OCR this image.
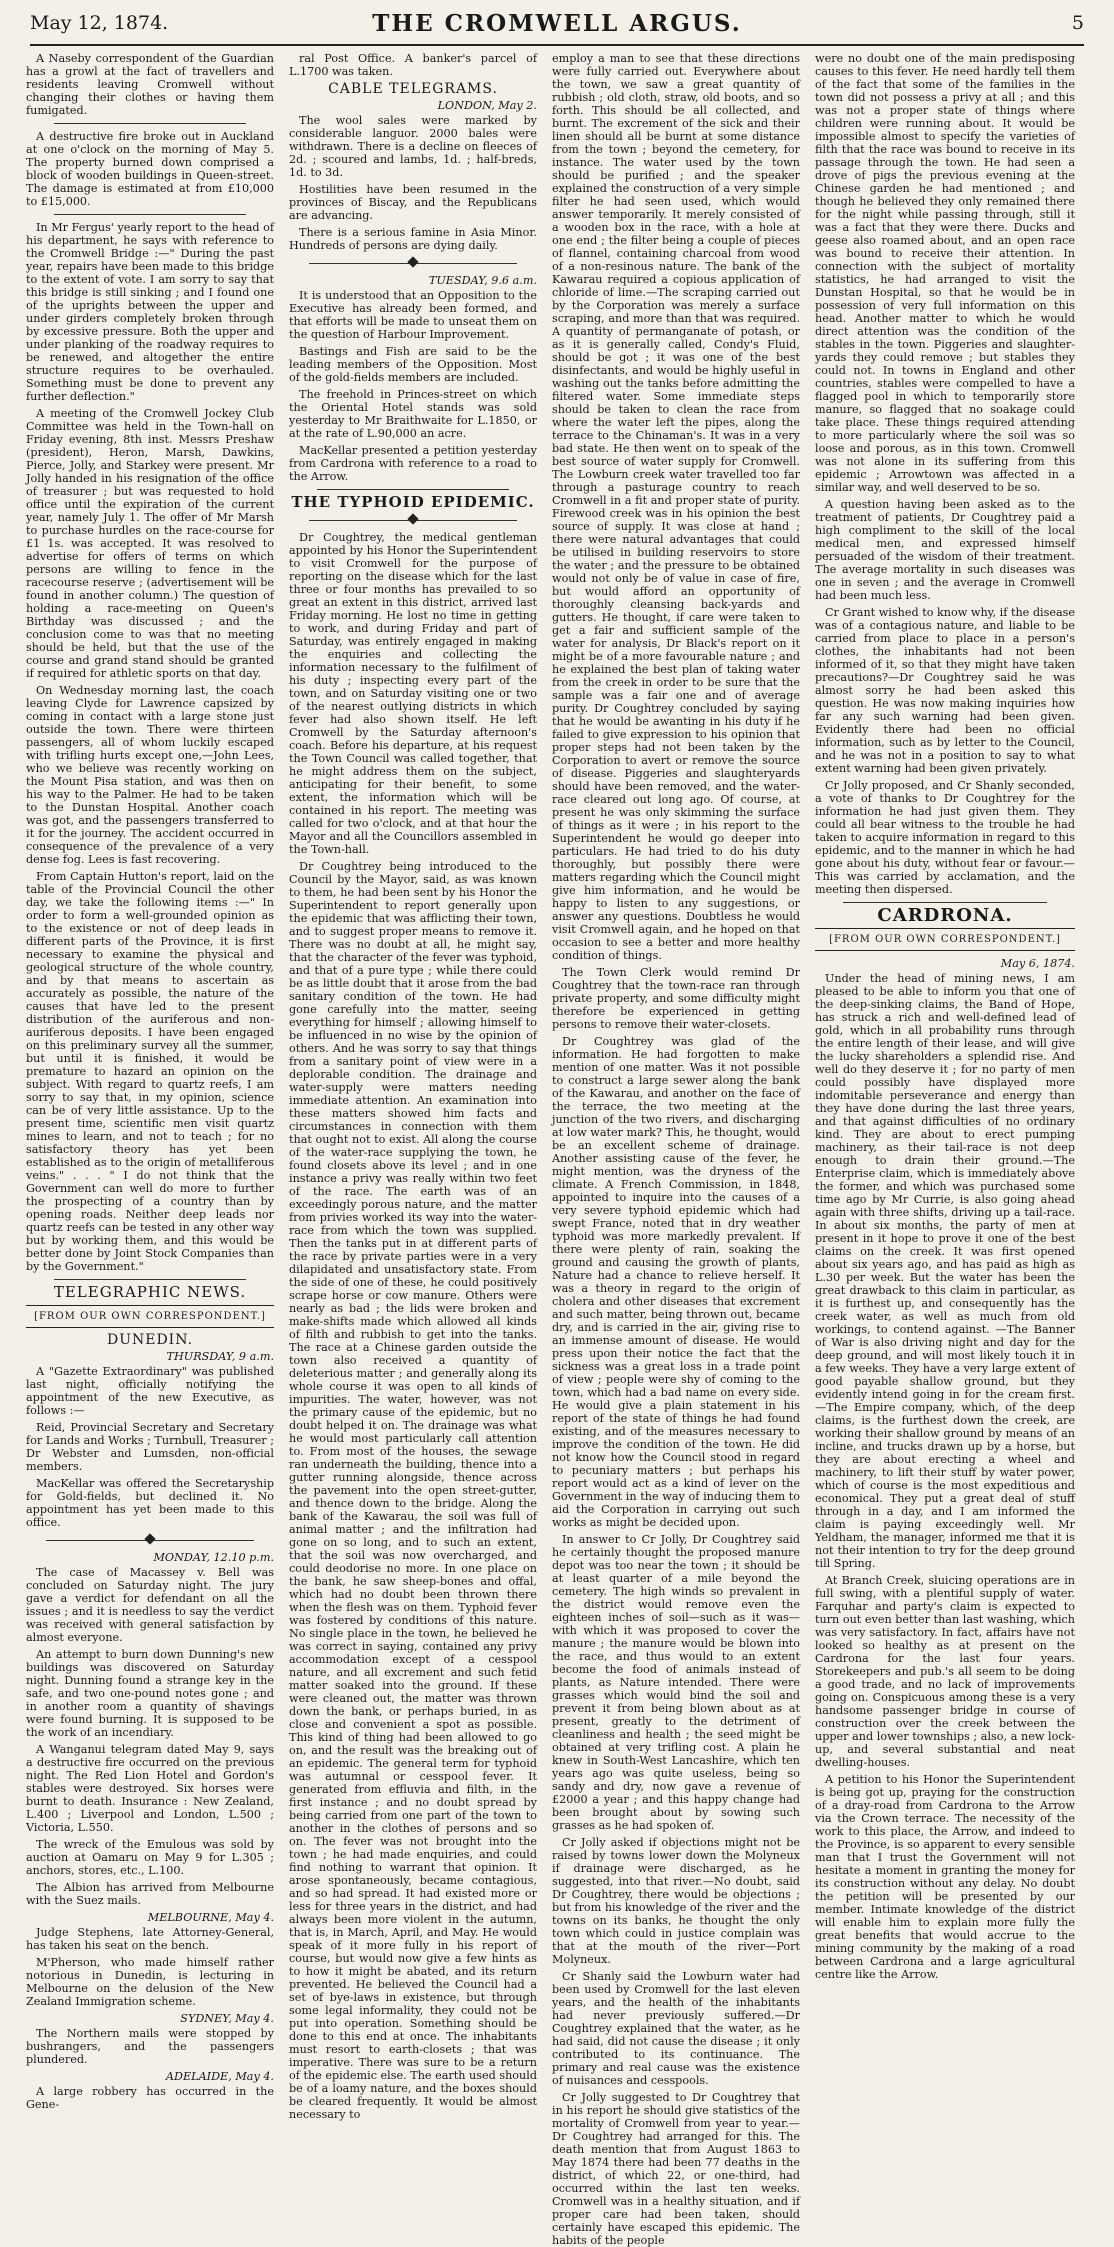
May 12, 1874.	THE CROMWELL ARGUS.	5

A Naseby correspondent of the Guardian has a growl at the fact of travellers and residents leaving Cromwell without changing their clothes or having them fumigated.

A destructive fire broke out in Auckland at one o'clock on the morning of May 5. The property burned down comprised a block of wooden buildings in Queen-street. The damage is estimated at from £10,000 to £15,000.

In Mr Fergus' yearly report to the head of his department, he says with reference to the Cromwell Bridge :—" During the past year, repairs have been made to this bridge to the extent of vote. I am sorry to say that this bridge is still sinking ; and I found one of the uprights between the upper and under girders completely broken through by excessive pressure. Both the upper and under planking of the roadway requires to be renewed, and altogether the entire structure requires to be overhauled. Something must be done to prevent any further deflection."

A meeting of the Cromwell Jockey Club Committee was held in the Town-hall on Friday evening, 8th inst. Messrs Preshaw (president), Heron, Marsh, Dawkins, Pierce, Jolly, and Starkey were present. Mr Jolly handed in his resignation of the office of treasurer ; but was requested to hold office until the expiration of the current year, namely July 1. The offer of Mr Marsh to purchase hurdles on the race-course for £1 1s. was accepted. It was resolved to advertise for offers of terms on which persons are willing to fence in the racecourse reserve ; (advertisement will be found in another column.) The question of holding a race-meeting on Queen's Birthday was discussed ; and the conclusion come to was that no meeting should be held, but that the use of the course and grand stand should be granted if required for athletic sports on that day.

On Wednesday morning last, the coach leaving Clyde for Lawrence capsized by coming in contact with a large stone just outside the town. There were thirteen passengers, all of whom luckily escaped with trifling hurts except one,—John Lees, who we believe was recently working on the Mount Pisa station, and was then on his way to the Palmer. He had to be taken to the Dunstan Hospital. Another coach was got, and the passengers transferred to it for the journey. The accident occurred in consequence of the prevalence of a very dense fog. Lees is fast recovering.

From Captain Hutton's report, laid on the table of the Provincial Council the other day, we take the following items :—" In order to form a well-grounded opinion as to the existence or not of deep leads in different parts of the Province, it is first necessary to examine the physical and geological structure of the whole country, and by that means to ascertain as accurately as possible, the nature of the causes that have led to the present distribution of the auriferous and non-auriferous deposits. I have been engaged on this preliminary survey all the summer, but until it is finished, it would be premature to hazard an opinion on the subject. With regard to quartz reefs, I am sorry to say that, in my opinion, science can be of very little assistance. Up to the present time, scientific men visit quartz mines to learn, and not to teach ; for no satisfactory theory has yet been established as to the origin of metalliferous veins." . . . " I do not think that the Government can well do more to further the prospecting of a country than by opening roads. Neither deep leads nor quartz reefs can be tested in any other way but by working them, and this would be better done by Joint Stock Companies than by the Government."

TELEGRAPHIC NEWS.
[FROM OUR OWN CORRESPONDENT.]
DUNEDIN.
THURSDAY, 9 a.m.

A "Gazette Extraordinary" was published last night, officially notifying the appointment of the new Executive, as follows :—

Reid, Provincial Secretary and Secretary for Lands and Works ; Turnbull, Treasurer ; Dr Webster and Lumsden, non-official members.

MacKellar was offered the Secretaryship for Gold-fields, but declined it. No appointment has yet been made to this office.

MONDAY, 12.10 p.m.

The case of Macassey v. Bell was concluded on Saturday night. The jury gave a verdict for defendant on all the issues ; and it is needless to say the verdict was received with general satisfaction by almost everyone.

An attempt to burn down Dunning's new buildings was discovered on Saturday night. Dunning found a strange key in the safe, and two one-pound notes gone ; and in another room a quantity of shavings were found burning. It is supposed to be the work of an incendiary.

A Wanganui telegram dated May 9, says a destructive fire occurred on the previous night. The Red Lion Hotel and Gordon's stables were destroyed. Six horses were burnt to death. Insurance : New Zealand, L.400 ; Liverpool and London, L.500 ; Victoria, L.550.

The wreck of the Emulous was sold by auction at Oamaru on May 9 for L.305 ; anchors, stores, etc., L.100.

The Albion has arrived from Melbourne with the Suez mails.

MELBOURNE, May 4.

Judge Stephens, late Attorney-General, has taken his seat on the bench.

M'Pherson, who made himself rather notorious in Dunedin, is lecturing in Melbourne on the delusion of the New Zealand Immigration scheme.

SYDNEY, May 4.

The Northern mails were stopped by bushrangers, and the passengers plundered.

ADELAIDE, May 4.

A large robbery has occurred in the Gene-

ral Post Office. A banker's parcel of L.1700 was taken.

CABLE TELEGRAMS.
LONDON, May 2.

The wool sales were marked by considerable languor. 2000 bales were withdrawn. There is a decline on fleeces of 2d. ; scoured and lambs, 1d. ; half-breds, 1d. to 3d.

Hostilities have been resumed in the provinces of Biscay, and the Republicans are advancing.

There is a serious famine in Asia Minor. Hundreds of persons are dying daily.

TUESDAY, 9.6 a.m.

It is understood that an Opposition to the Executive has already been formed, and that efforts will be made to unseat them on the question of Harbour Improvement.

Bastings and Fish are said to be the leading members of the Opposition. Most of the gold-fields members are included.

The freehold in Princes-street on which the Oriental Hotel stands was sold yesterday to Mr Braithwaite for L.1850, or at the rate of L.90,000 an acre.

MacKellar presented a petition yesterday from Cardrona with reference to a road to the Arrow.

THE TYPHOID EPIDEMIC.

Dr Coughtrey, the medical gentleman appointed by his Honor the Superintendent to visit Cromwell for the purpose of reporting on the disease which for the last three or four months has prevailed to so great an extent in this district, arrived last Friday morning. He lost no time in getting to work, and during Friday and part of Saturday, was entirely engaged in making the enquiries and collecting the information necessary to the fulfilment of his duty ; inspecting every part of the town, and on Saturday visiting one or two of the nearest outlying districts in which fever had also shown itself. He left Cromwell by the Saturday afternoon's coach. Before his departure, at his request the Town Council was called together, that he might address them on the subject, anticipating for their benefit, to some extent, the information which will be contained in his report. The meeting was called for two o'clock, and at that hour the Mayor and all the Councillors assembled in the Town-hall.

Dr Coughtrey being introduced to the Council by the Mayor, said, as was known to them, he had been sent by his Honor the Superintendent to report generally upon the epidemic that was afflicting their town, and to suggest proper means to remove it. There was no doubt at all, he might say, that the character of the fever was typhoid, and that of a pure type ; while there could be as little doubt that it arose from the bad sanitary condition of the town. He had gone carefully into the matter, seeing everything for himself ; allowing himself to be influenced in no wise by the opinion of others. And he was sorry to say that things from a sanitary point of view were in a deplorable condition. The drainage and water-supply were matters needing immediate attention. An examination into these matters showed him facts and circumstances in connection with them that ought not to exist. All along the course of the water-race supplying the town, he found closets above its level ; and in one instance a privy was really within two feet of the race. The earth was of an exceedingly porous nature, and the matter from privies worked its way into the water-race from which the town was supplied. Then the tanks put in at different parts of the race by private parties were in a very dilapidated and unsatisfactory state. From the side of one of these, he could positively scrape horse or cow manure. Others were nearly as bad ; the lids were broken and make-shifts made which allowed all kinds of filth and rubbish to get into the tanks. The race at a Chinese garden outside the town also received a quantity of deleterious matter ; and generally along its whole course it was open to all kinds of impurities. The water, however, was not the primary cause of the epidemic, but no doubt helped it on. The drainage was what he would most particularly call attention to. From most of the houses, the sewage ran underneath the building, thence into a gutter running alongside, thence across the pavement into the open street-gutter, and thence down to the bridge. Along the bank of the Kawarau, the soil was full of animal matter ; and the infiltration had gone on so long, and to such an extent, that the soil was now overcharged, and could deodorise no more. In one place on the bank, he saw sheep-bones and offal, which had no doubt been thrown there when the flesh was on them. Typhoid fever was fostered by conditions of this nature. No single place in the town, he believed he was correct in saying, contained any privy accommodation except of a cesspool nature, and all excrement and such fetid matter soaked into the ground. If these were cleaned out, the matter was thrown down the bank, or perhaps buried, in as close and convenient a spot as possible. This kind of thing had been allowed to go on, and the result was the breaking out of an epidemic. The general term for typhoid was autumnal or cesspool fever. It generated from effluvia and filth, in the first instance ; and no doubt spread by being carried from one part of the town to another in the clothes of persons and so on. The fever was not brought into the town ; he had made enquiries, and could find nothing to warrant that opinion. It arose spontaneously, became contagious, and so had spread. It had existed more or less for three years in the district, and had always been more violent in the autumn, that is, in March, April, and May. He would speak of it more fully in his report of course, but would now give a few hints as to how it might be abated, and its return prevented. He believed the Council had a set of bye-laws in existence, but through some legal informality, they could not be put into operation. Something should be done to this end at once. The inhabitants must resort to earth-closets ; that was imperative. There was sure to be a return of the epidemic else. The earth used should be of a loamy nature, and the boxes should be cleared frequently. It would be almost necessary to

employ a man to see that these directions were fully carried out. Everywhere about the town, we saw a great quantity of rubbish ; old cloth, straw, old boots, and so forth. This should be all collected, and burnt. The excrement of the sick and their linen should all be burnt at some distance from the town ; beyond the cemetery, for instance. The water used by the town should be purified ; and the speaker explained the construction of a very simple filter he had seen used, which would answer temporarily. It merely consisted of a wooden box in the race, with a hole at one end ; the filter being a couple of pieces of flannel, containing charcoal from wood of a non-resinous nature. The bank of the Kawarau required a copious application of chloride of lime.—The scraping carried out by the Corporation was merely a surface scraping, and more than that was required. A quantity of permanganate of potash, or as it is generally called, Condy's Fluid, should be got ; it was one of the best disinfectants, and would be highly useful in washing out the tanks before admitting the filtered water. Some immediate steps should be taken to clean the race from where the water left the pipes, along the terrace to the Chinaman's. It was in a very bad state. He then went on to speak of the best source of water supply for Cromwell. The Lowburn creek water travelled too far through a pasturage country to reach Cromwell in a fit and proper state of purity. Firewood creek was in his opinion the best source of supply. It was close at hand ; there were natural advantages that could be utilised in building reservoirs to store the water ; and the pressure to be obtained would not only be of value in case of fire, but would afford an opportunity of thoroughly cleansing back-yards and gutters. He thought, if care were taken to get a fair and sufficient sample of the water for analysis, Dr Black's report on it might be of a more favourable nature ; and he explained the best plan of taking water from the creek in order to be sure that the sample was a fair one and of average purity. Dr Coughtrey concluded by saying that he would be awanting in his duty if he failed to give expression to his opinion that proper steps had not been taken by the Corporation to avert or remove the source of disease. Piggeries and slaughteryards should have been removed, and the water-race cleared out long ago. Of course, at present he was only skimming the surface of things as it were ; in his report to the Superintendent he would go deeper into particulars. He had tried to do his duty thoroughly, but possibly there were matters regarding which the Council might give him information, and he would be happy to listen to any suggestions, or answer any questions. Doubtless he would visit Cromwell again, and he hoped on that occasion to see a better and more healthy condition of things.

The Town Clerk would remind Dr Coughtrey that the town-race ran through private property, and some difficulty might therefore be experienced in getting persons to remove their water-closets.

Dr Coughtrey was glad of the information. He had forgotten to make mention of one matter. Was it not possible to construct a large sewer along the bank of the Kawarau, and another on the face of the terrace, the two meeting at the junction of the two rivers, and discharging at low water mark? This, he thought, would be an excellent scheme of drainage. Another assisting cause of the fever, he might mention, was the dryness of the climate. A French Commission, in 1848, appointed to inquire into the causes of a very severe typhoid epidemic which had swept France, noted that in dry weather typhoid was more markedly prevalent. If there were plenty of rain, soaking the ground and causing the growth of plants, Nature had a chance to relieve herself. It was a theory in regard to the origin of cholera and other diseases that excrement and such matter, being thrown out, became dry, and is carried in the air, giving rise to an immense amount of disease. He would press upon their notice the fact that the sickness was a great loss in a trade point of view ; people were shy of coming to the town, which had a bad name on every side. He would give a plain statement in his report of the state of things he had found existing, and of the measures necessary to improve the condition of the town. He did not know how the Council stood in regard to pecuniary matters ; but perhaps his report would act as a kind of lever on the Government in the way of inducing them to aid the Corporation in carrying out such works as might be decided upon.

In answer to Cr Jolly, Dr Coughtrey said he certainly thought the proposed manure depot was too near the town ; it should be at least quarter of a mile beyond the cemetery. The high winds so prevalent in the district would remove even the eighteen inches of soil—such as it was—with which it was proposed to cover the manure ; the manure would be blown into the race, and thus would to an extent become the food of animals instead of plants, as Nature intended. There were grasses which would bind the soil and prevent it from being blown about as at present, greatly to the detriment of cleanliness and health ; the seed might be obtained at very trifling cost. A plain he knew in South-West Lancashire, which ten years ago was quite useless, being so sandy and dry, now gave a revenue of £2000 a year ; and this happy change had been brought about by sowing such grasses as he had spoken of.

Cr Jolly asked if objections might not be raised by towns lower down the Molyneux if drainage were discharged, as he suggested, into that river.—No doubt, said Dr Coughtrey, there would be objections ; but from his knowledge of the river and the towns on its banks, he thought the only town which could in justice complain was that at the mouth of the river—Port Molyneux.

Cr Shanly said the Lowburn water had been used by Cromwell for the last eleven years, and the health of the inhabitants had never previously suffered.—Dr Coughtrey explained that the water, as he had said, did not cause the disease ; it only contributed to its continuance. The primary and real cause was the existence of nuisances and cesspools.

Cr Jolly suggested to Dr Coughtrey that in his report he should give statistics of the mortality of Cromwell from year to year.—Dr Coughtrey had arranged for this. The death mention that from August 1863 to May 1874 there had been 77 deaths in the district, of which 22, or one-third, had occurred within the last ten weeks. Cromwell was in a healthy situation, and if proper care had been taken, should certainly have escaped this epidemic. The habits of the people

were no doubt one of the main predisposing causes to this fever. He need hardly tell them of the fact that some of the families in the town did not possess a privy at all ; and this was not a proper state of things where children were running about. It would be impossible almost to specify the varieties of filth that the race was bound to receive in its passage through the town. He had seen a drove of pigs the previous evening at the Chinese garden he had mentioned ; and though he believed they only remained there for the night while passing through, still it was a fact that they were there. Ducks and geese also roamed about, and an open race was bound to receive their attention. In connection with the subject of mortality statistics, he had arranged to visit the Dunstan Hospital, so that he would be in possession of very full information on this head. Another matter to which he would direct attention was the condition of the stables in the town. Piggeries and slaughter-yards they could remove ; but stables they could not. In towns in England and other countries, stables were compelled to have a flagged pool in which to temporarily store manure, so flagged that no soakage could take place. These things required attending to more particularly where the soil was so loose and porous, as in this town. Cromwell was not alone in its suffering from this epidemic ; Arrowtown was affected in a similar way, and well deserved to be so.

A question having been asked as to the treatment of patients, Dr Coughtrey paid a high compliment to the skill of the local medical men, and expressed himself persuaded of the wisdom of their treatment. The average mortality in such diseases was one in seven ; and the average in Cromwell had been much less.

Cr Grant wished to know why, if the disease was of a contagious nature, and liable to be carried from place to place in a person's clothes, the inhabitants had not been informed of it, so that they might have taken precautions?—Dr Coughtrey said he was almost sorry he had been asked this question. He was now making inquiries how far any such warning had been given. Evidently there had been no official information, such as by letter to the Council, and he was not in a position to say to what extent warning had been given privately.

Cr Jolly proposed, and Cr Shanly seconded, a vote of thanks to Dr Coughtrey for the information he had just given them. They could all bear witness to the trouble he had taken to acquire information in regard to this epidemic, and to the manner in which he had gone about his duty, without fear or favour.—This was carried by acclamation, and the meeting then dispersed.

CARDRONA.
[FROM OUR OWN CORRESPONDENT.]
May 6, 1874.

Under the head of mining news, I am pleased to be able to inform you that one of the deep-sinking claims, the Band of Hope, has struck a rich and well-defined lead of gold, which in all probability runs through the entire length of their lease, and will give the lucky shareholders a splendid rise. And well do they deserve it ; for no party of men could possibly have displayed more indomitable perseverance and energy than they have done during the last three years, and that against difficulties of no ordinary kind. They are about to erect pumping machinery, as their tail-race is not deep enough to drain their ground.—The Enterprise claim, which is immediately above the former, and which was purchased some time ago by Mr Currie, is also going ahead again with three shifts, driving up a tail-race. In about six months, the party of men at present in it hope to prove it one of the best claims on the creek. It was first opened about six years ago, and has paid as high as L.30 per week. But the water has been the great drawback to this claim in particular, as it is furthest up, and consequently has the creek water, as well as much from old workings, to contend against. —The Banner of War is also driving night and day for the deep ground, and will most likely touch it in a few weeks. They have a very large extent of good payable shallow ground, but they evidently intend going in for the cream first.—The Empire company, which, of the deep claims, is the furthest down the creek, are working their shallow ground by means of an incline, and trucks drawn up by a horse, but they are about erecting a wheel and machinery, to lift their stuff by water power, which of course is the most expeditious and economical. They put a great deal of stuff through in a day, and I am informed the claim is paying exceedingly well. Mr Yeldham, the manager, informed me that it is not their intention to try for the deep ground till Spring.

At Branch Creek, sluicing operations are in full swing, with a plentiful supply of water. Farquhar and party's claim is expected to turn out even better than last washing, which was very satisfactory. In fact, affairs have not looked so healthy as at present on the Cardrona for the last four years. Storekeepers and pub.'s all seem to be doing a good trade, and no lack of improvements going on. Conspicuous among these is a very handsome passenger bridge in course of construction over the creek between the upper and lower townships ; also, a new lock-up, and several substantial and neat dwelling-houses.

A petition to his Honor the Superintendent is being got up, praying for the construction of a dray-road from Cardrona to the Arrow via the Crown terrace. The necessity of the work to this place, the Arrow, and indeed to the Province, is so apparent to every sensible man that I trust the Government will not hesitate a moment in granting the money for its construction without any delay. No doubt the petition will be presented by our member. Intimate knowledge of the district will enable him to explain more fully the great benefits that would accrue to the mining community by the making of a road between Cardrona and a large agricultural centre like the Arrow.
